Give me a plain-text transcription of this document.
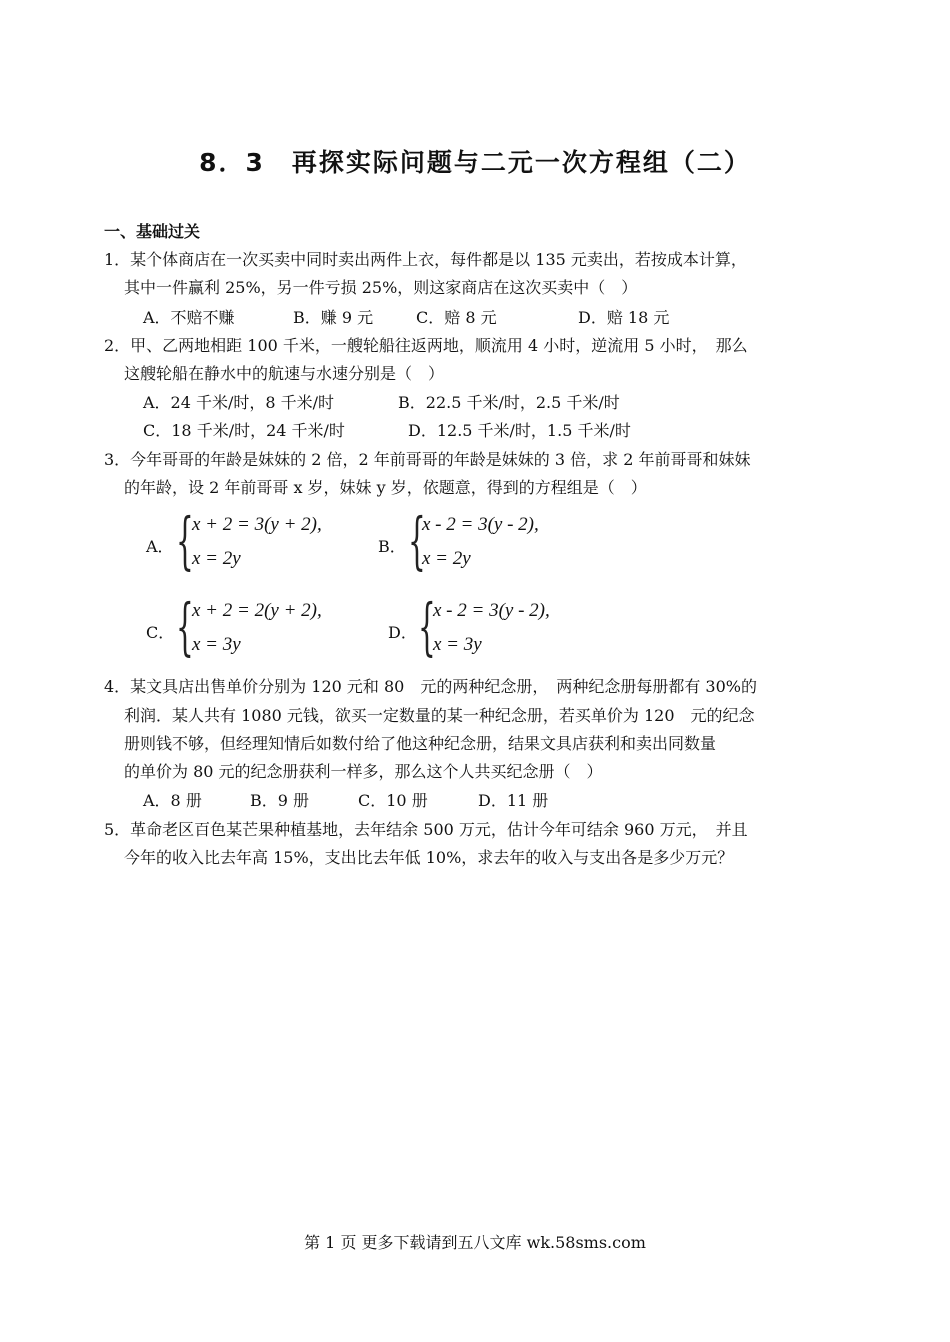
8．3　再探实际问题与二元一次方程组（二）
一、基础过关
1．某个体商店在一次买卖中同时卖出两件上衣，每件都是以 135 元卖出，若按成本计算，
其中一件赢利 25%，另一件亏损 25%，则这家商店在这次买卖中（　）
A．不赔不赚	B．赚 9 元	C．赔 8 元	D．赔 18 元
2．甲、乙两地相距 100 千米，一艘轮船往返两地，顺流用 4 小时，逆流用 5 小时，　那么
这艘轮船在静水中的航速与水速分别是（　）
A．24 千米/时，8 千米/时	B．22.5 千米/时，2.5 千米/时
C．18 千米/时，24 千米/时	D．12.5 千米/时，1.5 千米/时
3．今年哥哥的年龄是妹妹的 2 倍，2 年前哥哥的年龄是妹妹的 3 倍，求 2 年前哥哥和妹妹
的年龄，设 2 年前哥哥 x 岁，妹妹 y 岁，依题意，得到的方程组是（　）
A． {
x + 2 = 3(y + 2),
x = 2y
B． {
x - 2 = 3(y - 2),
x = 2y
C． {
x + 2 = 2(y + 2),
x = 3y
D． {
x - 2 = 3(y - 2),
x = 3y
4．某文具店出售单价分别为 120 元和 80　元的两种纪念册，　两种纪念册每册都有 30%的
利润．某人共有 1080 元钱，欲买一定数量的某一种纪念册，若买单价为 120　元的纪念
册则钱不够，但经理知情后如数付给了他这种纪念册，结果文具店获利和卖出同数量
的单价为 80 元的纪念册获利一样多，那么这个人共买纪念册（　）
A．8 册	B．9 册	C．10 册	D．11 册
5．革命老区百色某芒果种植基地，去年结余 500 万元，估计今年可结余 960 万元，　并且
今年的收入比去年高 15%，支出比去年低 10%，求去年的收入与支出各是多少万元？
第 1 页 更多下载请到五八文库 wk.58sms.com
